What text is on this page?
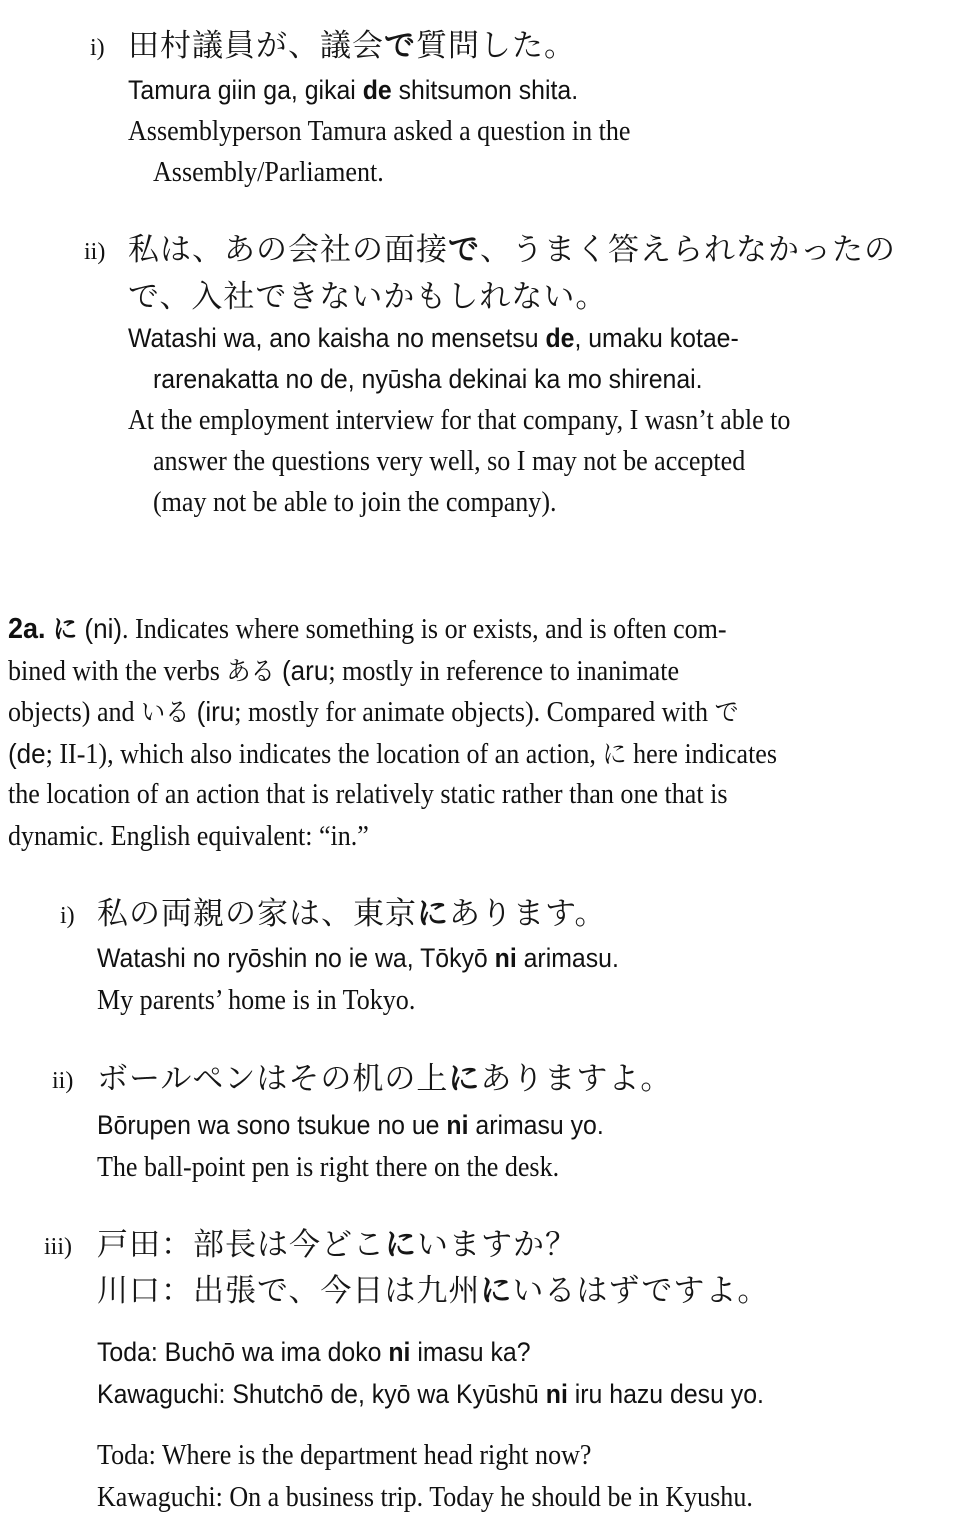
i) 田村議員が、議会で質問した。
Tamura giin ga, gikai de shitsumon shita.
Assemblyperson Tamura asked a question in the
Assembly/Parliament.
ii) 私は、あの会社の面接で、うまく答えられなかったの
で、入社できないかもしれない。
Watashi wa, ano kaisha no mensetsu de, umaku kotae-
rarenakatta no de, nyūsha dekinai ka mo shirenai.
At the employment interview for that company, I wasn’t able to
answer the questions very well, so I may not be accepted
(may not be able to join the company).
2a. に (ni). Indicates where something is or exists, and is often com-
bined with the verbs ある (aru; mostly in reference to inanimate
objects) and いる (iru; mostly for animate objects). Compared with で
(de; II-1), which also indicates the location of an action, に here indicates
the location of an action that is relatively static rather than one that is
dynamic. English equivalent: “in.”
i) 私の両親の家は、東京にあります。
Watashi no ryōshin no ie wa, Tōkyō ni arimasu.
My parents’ home is in Tokyo.
ii) ボールペンはその机の上にありますよ。
Bōrupen wa sono tsukue no ue ni arimasu yo.
The ball-point pen is right there on the desk.
iii) 戸田：部長は今どこにいますか？
川口：出張で、今日は九州にいるはずですよ。
Toda: Buchō wa ima doko ni imasu ka?
Kawaguchi: Shutchō de, kyō wa Kyūshū ni iru hazu desu yo.
Toda: Where is the department head right now?
Kawaguchi: On a business trip. Today he should be in Kyushu.
